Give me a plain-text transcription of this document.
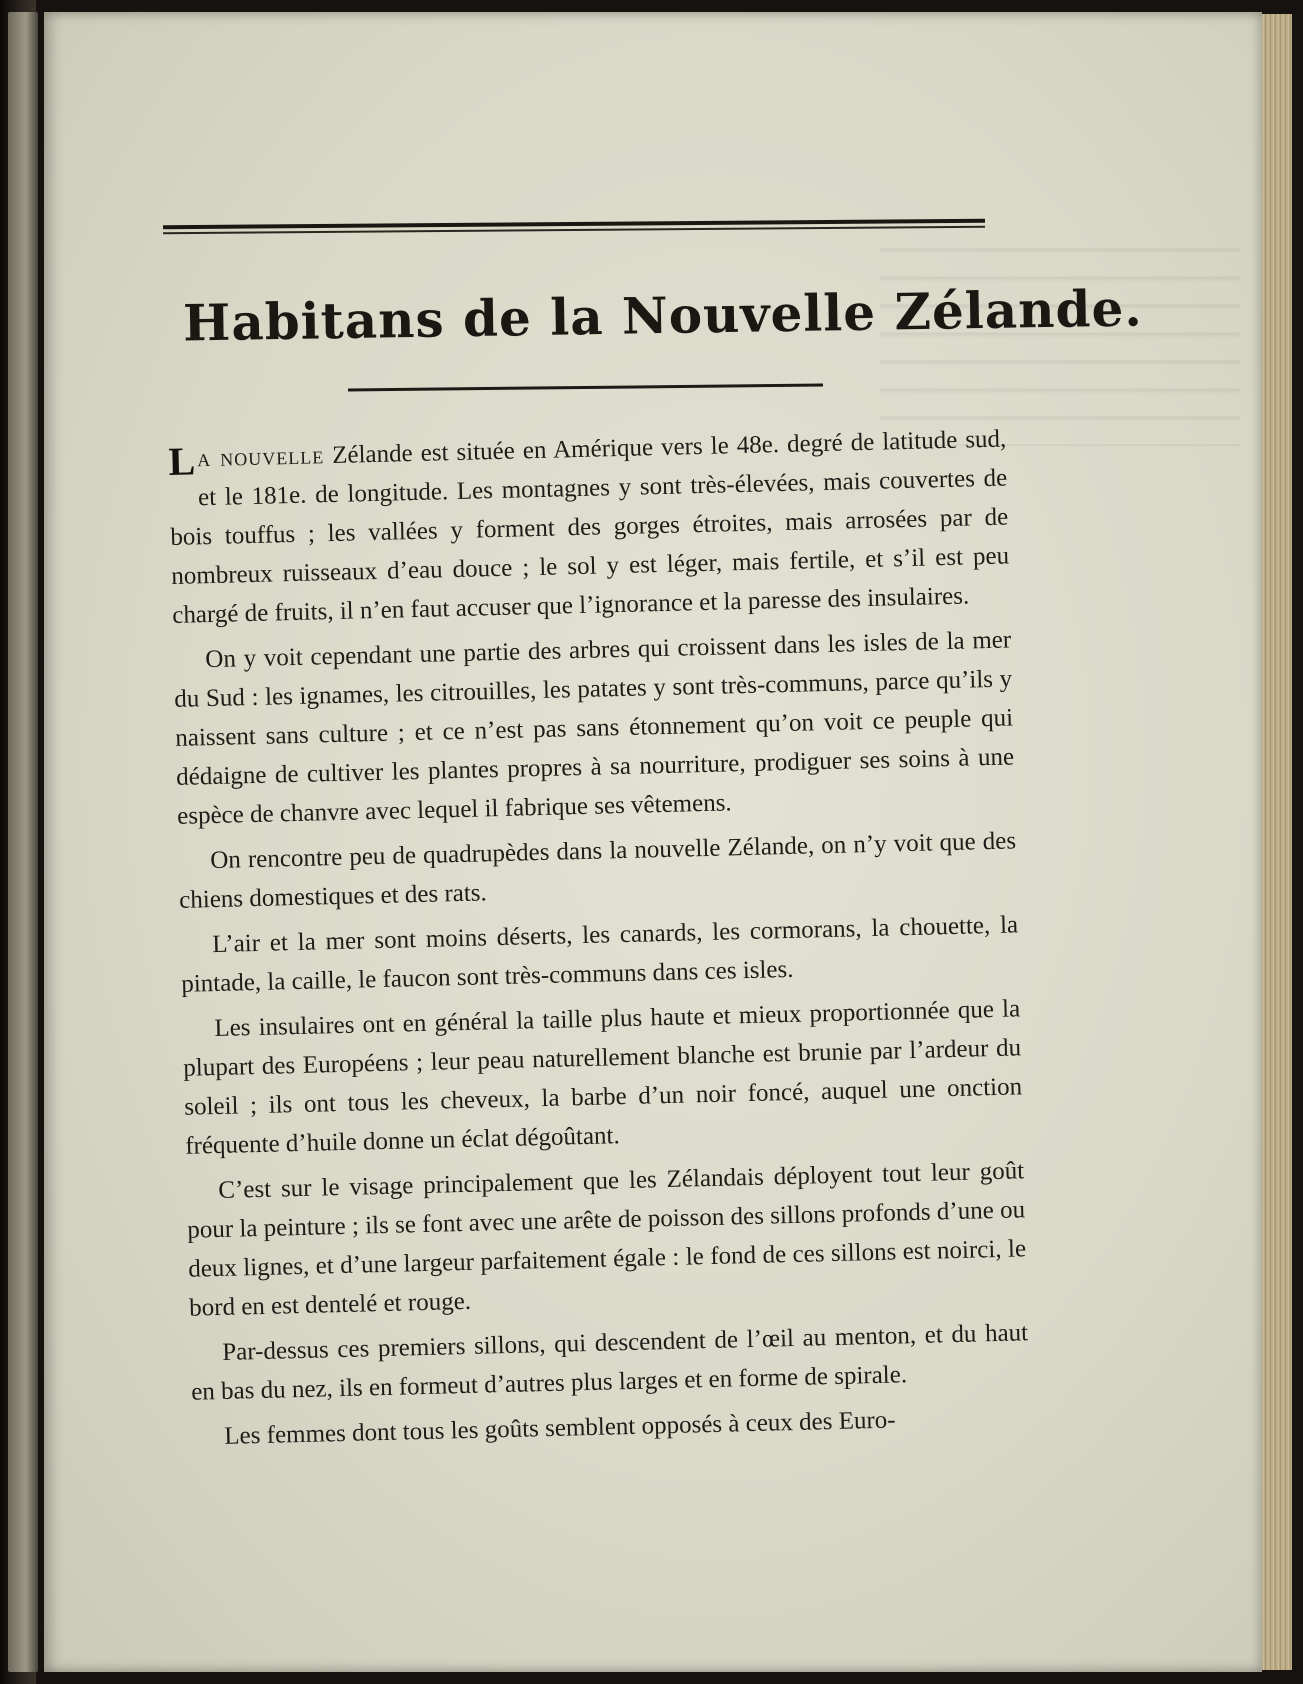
Habitans de la Nouvelle Zélande.

La nouvelle Zélande est située en Amérique vers le 48e. degré de latitude sud, et le 181e. de longitude. Les montagnes y sont très-élevées, mais couvertes de bois touffus ; les vallées y forment des gorges étroites, mais arrosées par de nombreux ruisseaux d’eau douce ; le sol y est léger, mais fertile, et s’il est peu chargé de fruits, il n’en faut accuser que l’ignorance et la paresse des insulaires.

On y voit cependant une partie des arbres qui croissent dans les isles de la mer du Sud : les ignames, les citrouilles, les patates y sont très-communs, parce qu’ils y naissent sans culture ; et ce n’est pas sans étonnement qu’on voit ce peuple qui dédaigne de cultiver les plantes propres à sa nourriture, prodiguer ses soins à une espèce de chanvre avec lequel il fabrique ses vêtemens.

On rencontre peu de quadrupèdes dans la nouvelle Zélande, on n’y voit que des chiens domestiques et des rats.

L’air et la mer sont moins déserts, les canards, les cormorans, la chouette, la pintade, la caille, le faucon sont très-communs dans ces isles.

Les insulaires ont en général la taille plus haute et mieux proportionnée que la plupart des Européens ; leur peau naturellement blanche est brunie par l’ardeur du soleil ; ils ont tous les cheveux, la barbe d’un noir foncé, auquel une onction fréquente d’huile donne un éclat dégoûtant.

C’est sur le visage principalement que les Zélandais déployent tout leur goût pour la peinture ; ils se font avec une arête de poisson des sillons profonds d’une ou deux lignes, et d’une largeur parfaitement égale : le fond de ces sillons est noirci, le bord en est dentelé et rouge.

Par-dessus ces premiers sillons, qui descendent de l’œil au menton, et du haut en bas du nez, ils en formeut d’autres plus larges et en forme de spirale.

Les femmes dont tous les goûts semblent opposés à ceux des Euro-
